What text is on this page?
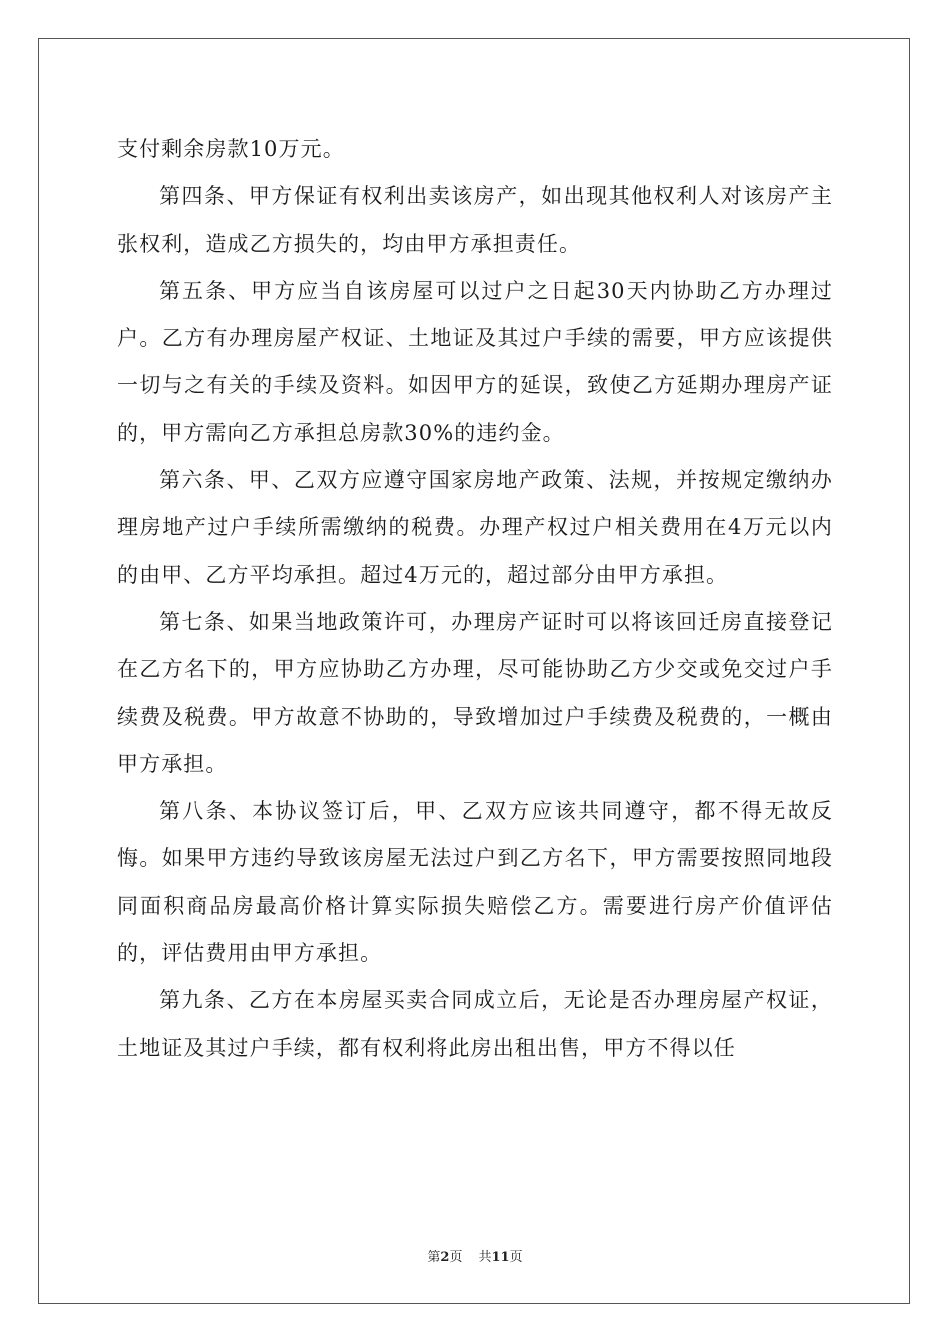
支付剩余房款10万元。

第四条、甲方保证有权利出卖该房产，如出现其他权利人对该房产主张权利，造成乙方损失的，均由甲方承担责任。

第五条、甲方应当自该房屋可以过户之日起30天内协助乙方办理过户。乙方有办理房屋产权证、土地证及其过户手续的需要，甲方应该提供一切与之有关的手续及资料。如因甲方的延误，致使乙方延期办理房产证的，甲方需向乙方承担总房款30%的违约金。

第六条、甲、乙双方应遵守国家房地产政策、法规，并按规定缴纳办理房地产过户手续所需缴纳的税费。办理产权过户相关费用在4万元以内的由甲、乙方平均承担。超过4万元的，超过部分由甲方承担。

第七条、如果当地政策许可，办理房产证时可以将该回迁房直接登记在乙方名下的，甲方应协助乙方办理，尽可能协助乙方少交或免交过户手续费及税费。甲方故意不协助的，导致增加过户手续费及税费的，一概由甲方承担。

第八条、本协议签订后，甲、乙双方应该共同遵守，都不得无故反悔。如果甲方违约导致该房屋无法过户到乙方名下，甲方需要按照同地段同面积商品房最高价格计算实际损失赔偿乙方。需要进行房产价值评估的，评估费用由甲方承担。

第九条、乙方在本房屋买卖合同成立后，无论是否办理房屋产权证，土地证及其过户手续，都有权利将此房出租出售，甲方不得以任

第2页 共11页
